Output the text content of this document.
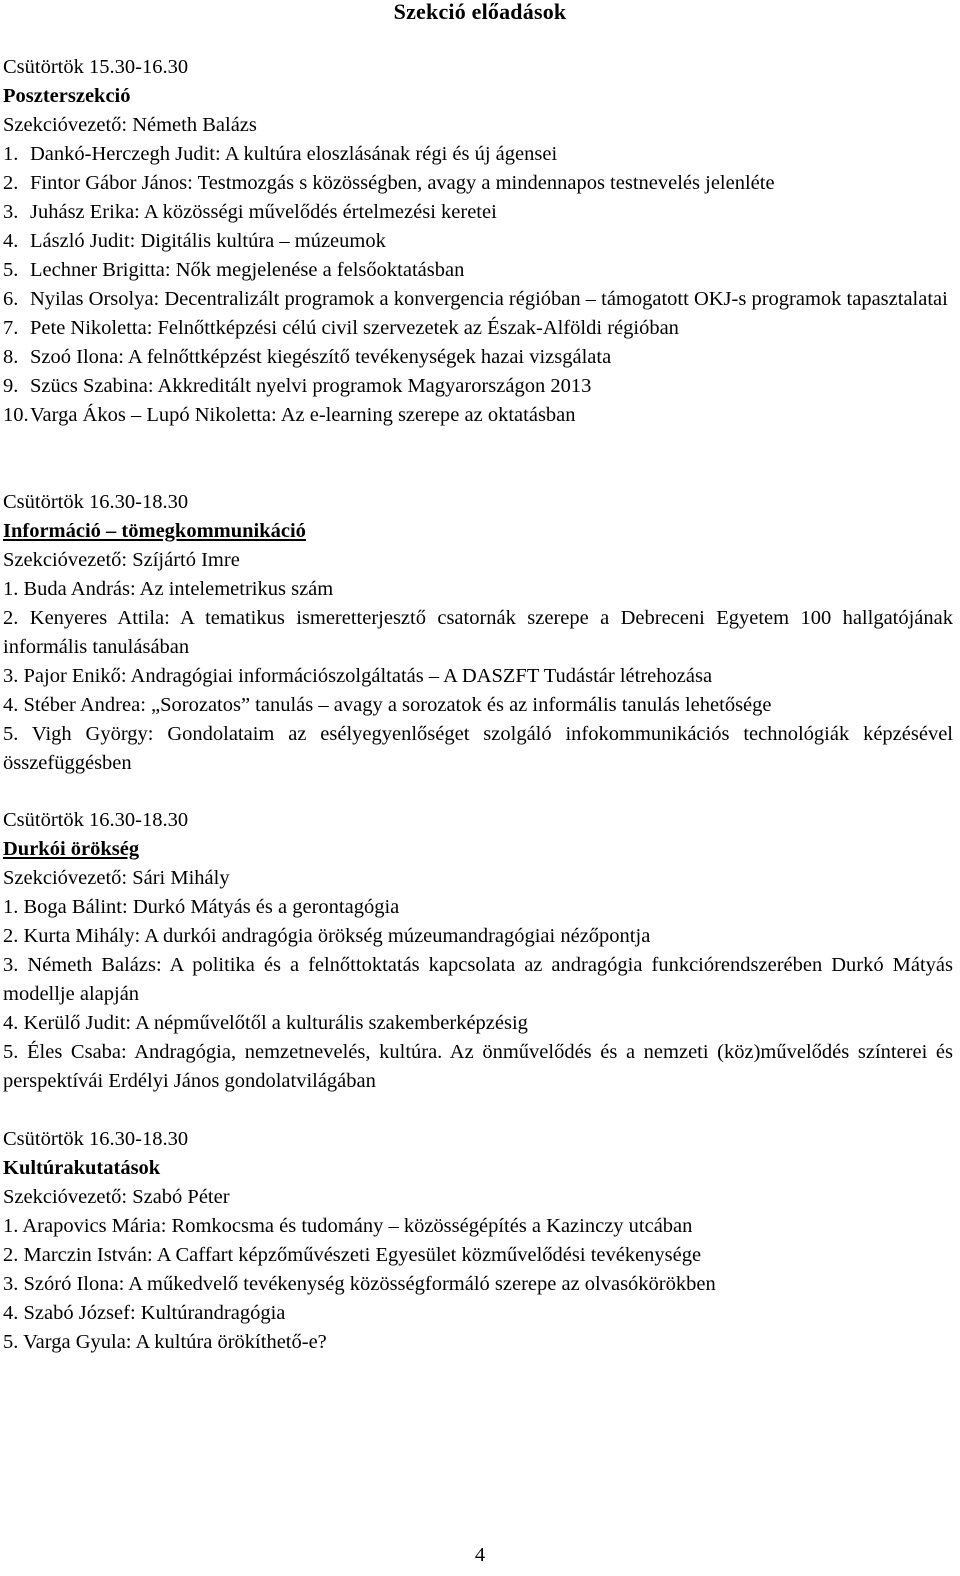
Szekció előadások
Csütörtök 15.30-16.30
Poszterszekció
Szekcióvezető: Németh Balázs
1. Dankó-Herczegh Judit: A kultúra eloszlásának régi és új ágensei
2. Fintor Gábor János: Testmozgás s közösségben, avagy a mindennapos testnevelés jelenléte
3. Juhász Erika: A közösségi művelődés értelmezési keretei
4. László Judit: Digitális kultúra – múzeumok
5. Lechner Brigitta: Nők megjelenése a felsőoktatásban
6. Nyilas Orsolya: Decentralizált programok a konvergencia régióban – támogatott OKJ-s programok tapasztalatai
7. Pete Nikoletta: Felnőttképzési célú civil szervezetek az Észak-Alföldi régióban
8. Szoó Ilona: A felnőttképzést kiegészítő tevékenységek hazai vizsgálata
9. Szücs Szabina: Akkreditált nyelvi programok Magyarországon 2013
10. Varga Ákos – Lupó Nikoletta: Az e-learning szerepe az oktatásban
Csütörtök 16.30-18.30
Információ – tömegkommunikáció
Szekcióvezető: Szíjártó Imre
1. Buda András: Az intelemetrikus szám
2. Kenyeres Attila: A tematikus ismeretterjesztő csatornák szerepe a Debreceni Egyetem 100 hallgatójának informális tanulásában
3. Pajor Enikő: Andragógiai információszolgáltatás – A DASZFT Tudástár létrehozása
4. Stéber Andrea: „Sorozatos” tanulás – avagy a sorozatok és az informális tanulás lehetősége
5. Vigh György: Gondolataim az esélyegyenlőséget szolgáló infokommunikációs technológiák képzésével összefüggésben
Csütörtök 16.30-18.30
Durkói örökség
Szekcióvezető: Sári Mihály
1. Boga Bálint: Durkó Mátyás és a gerontagógia
2. Kurta Mihály: A durkói andragógia örökség múzeumandragógiai nézőpontja
3. Németh Balázs: A politika és a felnőttoktatás kapcsolata az andragógia funkciórendszerében Durkó Mátyás modellje alapján
4. Kerülő Judit: A népművelőtől a kulturális szakemberképzésig
5. Éles Csaba: Andragógia, nemzetnevelés, kultúra. Az önművelődés és a nemzeti (köz)művelődés színterei és perspektívái Erdélyi János gondolatvilágában
Csütörtök 16.30-18.30
Kultúrakutatások
Szekcióvezető: Szabó Péter
1. Arapovics Mária: Romkocsma és tudomány – közösségépítés a Kazinczy utcában
2. Marczin István: A Caffart képzőművészeti Egyesület közművelődési tevékenysége
3. Szóró Ilona: A műkedvelő tevékenység közösségformáló szerepe az olvasókörökben
4. Szabó József: Kultúrandragógia
5. Varga Gyula: A kultúra örökíthető-e?
4
